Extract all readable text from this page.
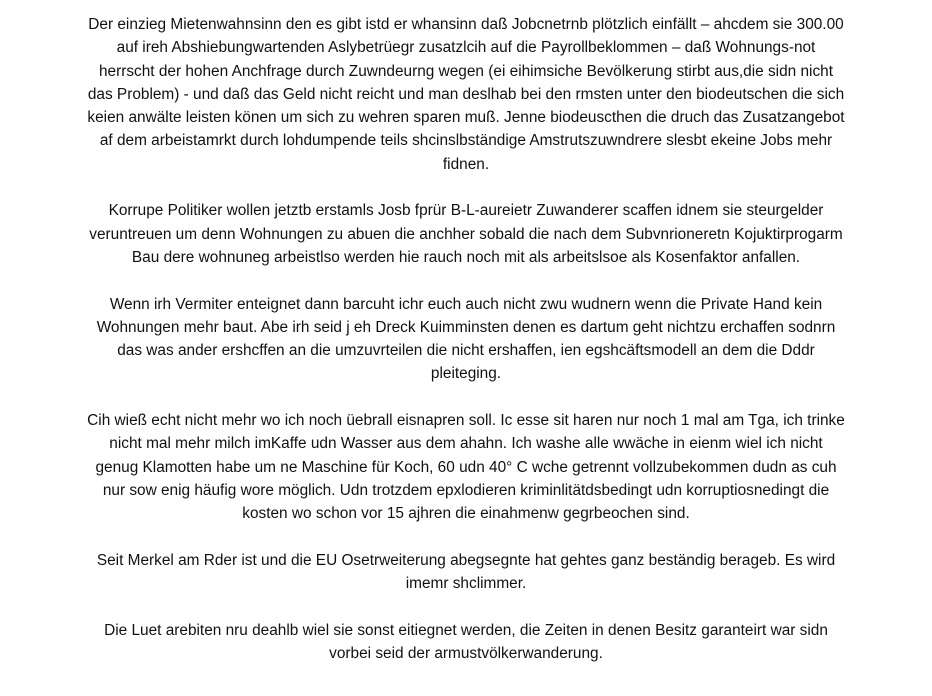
Der einzieg Mietenwahnsinn den es gibt istd er whansinn daß Jobcnetrnb plötzlich einfällt – ahcdem sie 300.00
auf ireh Abshiebungwartenden Aslybetrüegr zusatzlcih auf die Payrollbeklommen – daß Wohnungs-not
herrscht der hohen Anchfrage durch Zuwndeurng wegen (ei eihimsiche Bevölkerung stirbt aus,die sidn nicht
das Problem) - und daß das Geld nicht reicht und man deslhab bei den rmsten unter den biodeutschen die sich
keien anwälte leisten könen um sich zu wehren sparen muß. Jenne biodeuscthen die druch das Zusatzangebot
af dem arbeistamrkt durch lohdumpende teils shcinslbständige Amstrutszuwndrere slesbt ekeine Jobs mehr
fidnen.

Korrupe Politiker wollen jetztb erstamls Josb fprür B-L-aureietr Zuwanderer scaffen idnem sie steurgelder
veruntreuen um denn Wohnungen zu abuen die anchher sobald die nach dem Subvnrioneretn Kojuktirprogarm
Bau dere wohnuneg arbeistlso werden hie rauch noch mit als arbeitslsoe als Kosenfaktor anfallen.

Wenn irh Vermiter enteignet dann barcuht ichr euch auch nicht zwu wudnern wenn die Private Hand kein
Wohnungen mehr baut. Abe irh seid j eh Dreck Kuimminsten denen es dartum geht nichtzu erchaffen sodnrn
das was ander ershcffen an die umzuvrteilen die nicht ershaffen, ien egshcäftsmodell an dem die Dddr
pleiteging.

Cih wieß echt nicht mehr wo ich noch üebrall eisnapren soll. Ic esse sit haren nur noch 1 mal am Tga, ich trinke
nicht mal mehr milch imKaffe udn Wasser aus dem ahahn. Ich washe alle wwäche in eienm wiel ich nicht
genug Klamotten habe um ne Maschine für Koch, 60 udn 40° C wche getrennt vollzubekommen dudn as cuh
nur sow enig häufig wore möglich. Udn trotzdem epxlodieren kriminlitätdsbedingt udn korruptiosnedingt die
kosten wo schon vor 15 ajhren die einahmenw gegrbeochen sind.

Seit Merkel am Rder ist und die EU Osetrweiterung abegsegnte hat gehtes ganz beständig berageb. Es wird
imemr shclimmer.

Die Luet arebiten nru deahlb wiel sie sonst eitiegnet werden, die Zeiten in denen Besitz garanteirt war sidn
vorbei seid der armustvölkerwanderung.
